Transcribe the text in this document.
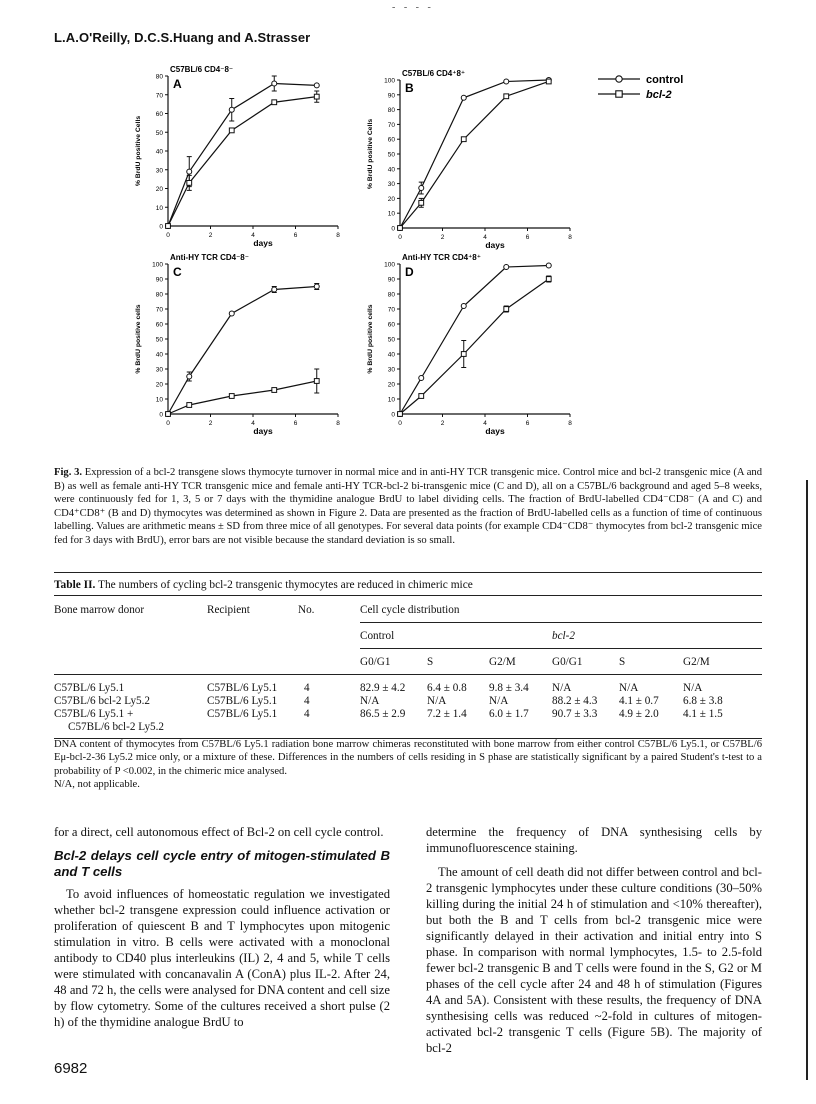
- - - -
L.A.O'Reilly, D.C.S.Huang and A.Strasser
0
10
20
30
40
50
60
70
80
0	2	4	6	8
days
% BrdU positive Cells
C57BL/6 CD4⁻8⁻
A
0
10
20
30
40
50
60
70
80
90
100
0	2	4	6	8
days
% BrdU positive Cells
C57BL/6 CD4⁺8⁺
B
0
10
20
30
40
50
60
70
80
90
100
0	2	4	6	8
days
% BrdU positive cells
Anti-HY TCR CD4⁻8⁻
C
0
10
20
30
40
50
60
70
80
90
100
0	2	4	6	8
days
% BrdU positive cells
Anti-HY TCR CD4⁺8⁺
D
control
bcl-2
Fig. 3. Expression of a bcl-2 transgene slows thymocyte turnover in normal mice and in anti-HY TCR transgenic mice. Control mice and bcl-2 transgenic mice (A and B) as well as female anti-HY TCR transgenic mice and female anti-HY TCR-bcl-2 bi-transgenic mice (C and D), all on a C57BL/6 background and aged 5–8 weeks, were continuously fed for 1, 3, 5 or 7 days with the thymidine analogue BrdU to label dividing cells. The fraction of BrdU-labelled CD4⁻CD8⁻ (A and C) and CD4⁺CD8⁺ (B and D) thymocytes was determined as shown in Figure 2. Data are presented as the fraction of BrdU-labelled cells as a function of time of continuous labelling. Values are arithmetic means ± SD from three mice of all genotypes. For several data points (for example CD4⁻CD8⁻ thymocytes from bcl-2 transgenic mice fed for 3 days with BrdU), error bars are not visible because the standard deviation is so small.
Table II. The numbers of cycling bcl-2 transgenic thymocytes are reduced in chimeric mice
Bone marrow donor	Recipient	No.	Cell cycle distribution					
			Control			bcl-2		
			G0/G1	S	G2/M	G0/G1	S	G2/M

C57BL/6 Ly5.1	C57BL/6 Ly5.1	4	82.9 ± 4.2	6.4 ± 0.8	9.8 ± 3.4	N/A	N/A	N/A
C57BL/6 bcl-2 Ly5.2	C57BL/6 Ly5.1	4	N/A	N/A	N/A	88.2 ± 4.3	4.1 ± 0.7	6.8 ± 3.8
C57BL/6 Ly5.1 +
C57BL/6 bcl-2 Ly5.2	C57BL/6 Ly5.1	4	86.5 ± 2.9	7.2 ± 1.4	6.0 ± 1.7	90.7 ± 3.3	4.9 ± 2.0	4.1 ± 1.5
DNA content of thymocytes from C57BL/6 Ly5.1 radiation bone marrow chimeras reconstituted with bone marrow from either control C57BL/6 Ly5.1, or C57BL/6 Eμ-bcl-2-36 Ly5.2 mice only, or a mixture of these. Differences in the numbers of cells residing in S phase are statistically significant by a paired Student's t-test to a probability of P <0.002, in the chimeric mice analysed.
N/A, not applicable.

for a direct, cell autonomous effect of Bcl-2 on cell cycle control.

Bcl-2 delays cell cycle entry of mitogen-stimulated B and T cells

To avoid influences of homeostatic regulation we investigated whether bcl-2 transgene expression could influence activation or proliferation of quiescent B and T lymphocytes upon mitogenic stimulation in vitro. B cells were activated with a monoclonal antibody to CD40 plus interleukins (IL) 2, 4 and 5, while T cells were stimulated with concanavalin A (ConA) plus IL-2. After 24, 48 and 72 h, the cells were analysed for DNA content and cell size by flow cytometry. Some of the cultures received a short pulse (2 h) of the thymidine analogue BrdU to

determine the frequency of DNA synthesising cells by immunofluorescence staining.

The amount of cell death did not differ between control and bcl-2 transgenic lymphocytes under these culture conditions (30–50% killing during the initial 24 h of stimulation and <10% thereafter), but both the B and T cells from bcl-2 transgenic mice were significantly delayed in their activation and initial entry into S phase. In comparison with normal lymphocytes, 1.5- to 2.5-fold fewer bcl-2 transgenic B and T cells were found in the S, G2 or M phases of the cell cycle after 24 and 48 h of stimulation (Figures 4A and 5A). Consistent with these results, the frequency of DNA synthesising cells was reduced ~2-fold in cultures of mitogen-activated bcl-2 transgenic T cells (Figure 5B). The majority of bcl-2

6982
